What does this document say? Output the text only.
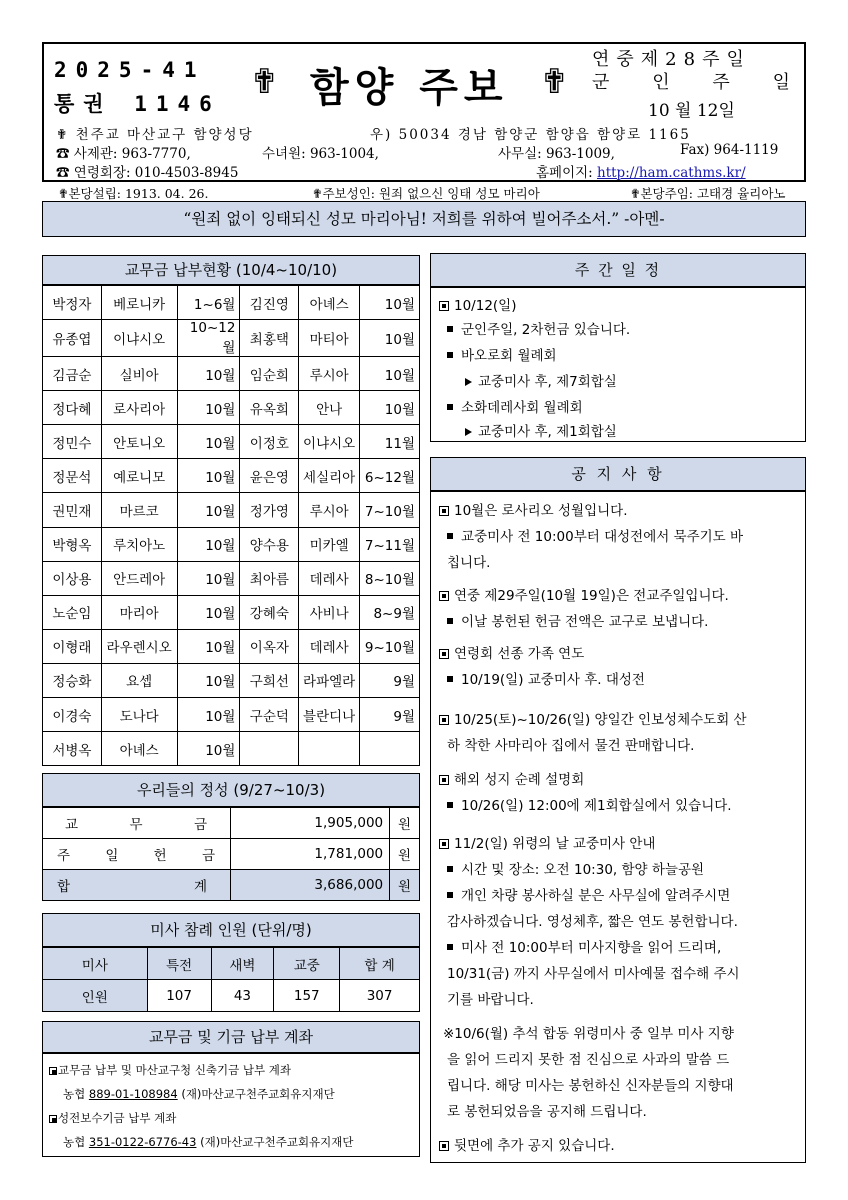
2025-41
통권 1146
✟ 함양 주보 ✟
연중제28주일
군 인 주 일
10 월 12일
✟ 천주교 마산교구 함양성당	우) 50034 경남 함양군 함양읍 함양로 1165
☎ 사제관: 963-7770,	수녀원: 963-1004,	사무실: 963-1009,	Fax) 964-1119
☎ 연령회장: 010-4503-8945	홈페이지: http://ham.cathms.kr/
✟본당설립: 1913. 04. 26.	✟주보성인: 원죄 없으신 잉태 성모 마리아	✟본당주임: 고태경 율리아노
“원죄 없이 잉태되신 성모 마리아님! 저희를 위하여 빌어주소서.” -아멘-
교무금 납부현황 (10/4~10/10)
박정자	베로니카	1~6월	김진영	아녜스	10월
유종엽	이냐시오	10~12월	최홍택	마티아	10월
김금순	실비아	10월	임순희	루시아	10월
정다혜	로사리아	10월	유옥희	안나	10월
정민수	안토니오	10월	이정호	이냐시오	11월
정문석	예로니모	10월	윤은영	세실리아	6~12월
권민재	마르코	10월	정가영	루시아	7~10월
박형옥	루치아노	10월	양수용	미카엘	7~11월
이상용	안드레아	10월	최아름	데레사	8~10월
노순임	마리아	10월	강혜숙	사비나	8~9월
이형래	라우렌시오	10월	이옥자	데레사	9~10월
정승화	요셉	10월	구희선	라파엘라	9월
이경숙	도나다	10월	구순덕	블란디나	9월
서병옥	아녜스	10월			
우리들의 정성 (9/27~10/3)
교 무 금	1,905,000	원

주 일 헌 금	1,781,000	원

합 계	3,686,000	원
미사 참례 인원 (단위/명)
미사	특전	새벽	교중	합 계
인원	107	43	157	307
교무금 및 기금 납부 계좌
교무금 납부 및 마산교구청 신축기금 납부 계좌
농협 889-01-108984 (재)마산교구천주교회유지재단
성전보수기금 납부 계좌
농협 351-0122-6776-43 (재)마산교구천주교회유지재단
주 간 일 정
10/12(일)
군인주일, 2차헌금 있습니다.
바오로회 월례회
교중미사 후, 제7회합실
소화데레사회 월례회
교중미사 후, 제1회합실
공 지 사 항
10월은 로사리오 성월입니다.
교중미사 전 10:00부터 대성전에서 묵주기도 바
칩니다.
연중 제29주일(10월 19일)은 전교주일입니다.
이날 봉헌된 헌금 전액은 교구로 보냅니다.
연령회 선종 가족 연도
10/19(일) 교중미사 후. 대성전
10/25(토)~10/26(일) 양일간 인보성체수도회 산
하 착한 사마리아 집에서 물건 판매합니다.
해외 성지 순례 설명회
10/26(일) 12:00에 제1회합실에서 있습니다.
11/2(일) 위령의 날 교중미사 안내
시간 및 장소: 오전 10:30, 함양 하늘공원
개인 차량 봉사하실 분은 사무실에 알려주시면
감사하겠습니다. 영성체후, 짧은 연도 봉헌합니다.
미사 전 10:00부터 미사지향을 읽어 드리며,
10/31(금) 까지 사무실에서 미사예물 접수해 주시
기를 바랍니다.
※10/6(월) 추석 합동 위령미사 중 일부 미사 지향
을 읽어 드리지 못한 점 진심으로 사과의 말씀 드
립니다. 해당 미사는 봉헌하신 신자분들의 지향대
로 봉헌되었음을 공지해 드립니다.
뒷면에 추가 공지 있습니다.
